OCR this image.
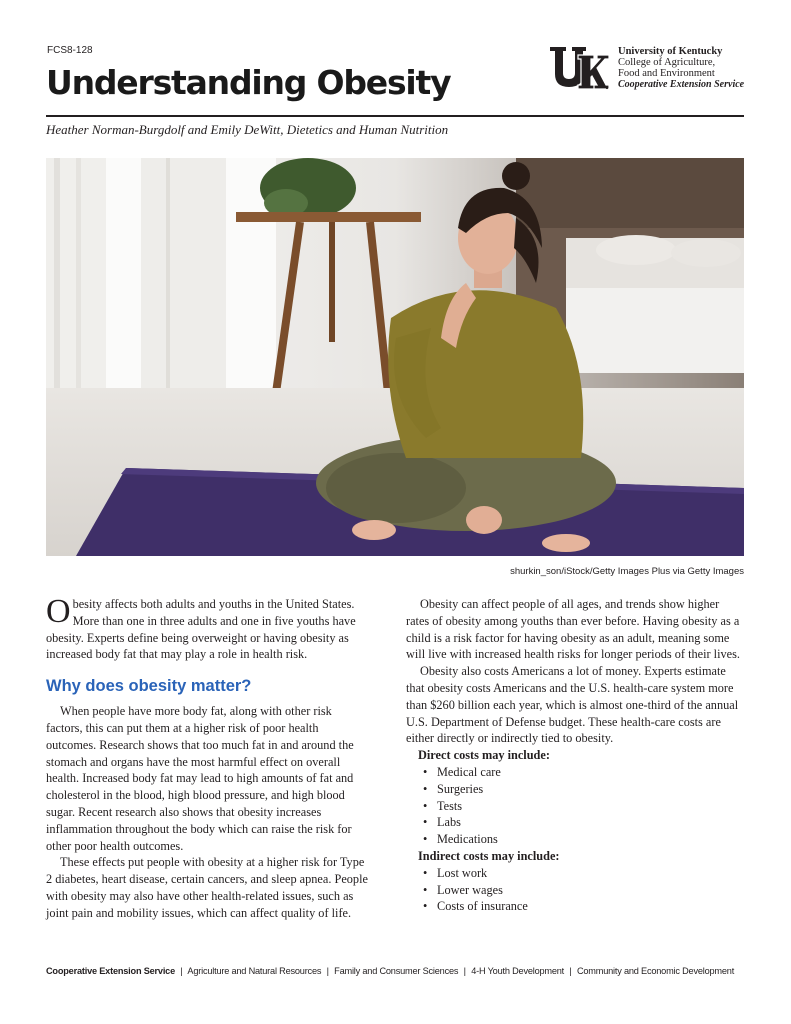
FCS8-128
Understanding Obesity
University of Kentucky
College of Agriculture,
Food and Environment
Cooperative Extension Service
Heather Norman-Burgdolf and Emily DeWitt, Dietetics and Human Nutrition
shurkin_son/iStock/Getty Images Plus via Getty Images

Obesity affects both adults and youths in the United States. More than one in three adults and one in five youths have obesity. Experts define being overweight or having obesity as increased body fat that may play a role in health risk.

Why does obesity matter?

When people have more body fat, along with other risk factors, this can put them at a higher risk of poor health outcomes. Research shows that too much fat in and around the stomach and organs have the most harmful effect on overall health. Increased body fat may lead to high amounts of fat and cholesterol in the blood, high blood pressure, and high blood sugar. Recent research also shows that obesity increases inflammation throughout the body which can raise the risk for other poor health outcomes.

These effects put people with obesity at a higher risk for Type 2 diabetes, heart disease, certain cancers, and sleep apnea. People with obesity may also have other health-related issues, such as joint pain and mobility issues, which can affect quality of life.

Obesity can affect people of all ages, and trends show higher rates of obesity among youths than ever before. Having obesity as a child is a risk factor for having obesity as an adult, meaning some will live with increased health risks for longer periods of their lives.

Obesity also costs Americans a lot of money. Experts estimate that obesity costs Americans and the U.S. health-care system more than $260 billion each year, which is almost one-third of the annual U.S. Department of Defense budget. These health-care costs are either directly or indirectly tied to obesity.

Direct costs may include:
• Medical care
• Surgeries
• Tests
• Labs
• Medications
Indirect costs may include:
• Lost work
• Lower wages
• Costs of insurance
Cooperative Extension Service | Agriculture and Natural Resources | Family and Consumer Sciences | 4-H Youth Development | Community and Economic Development
